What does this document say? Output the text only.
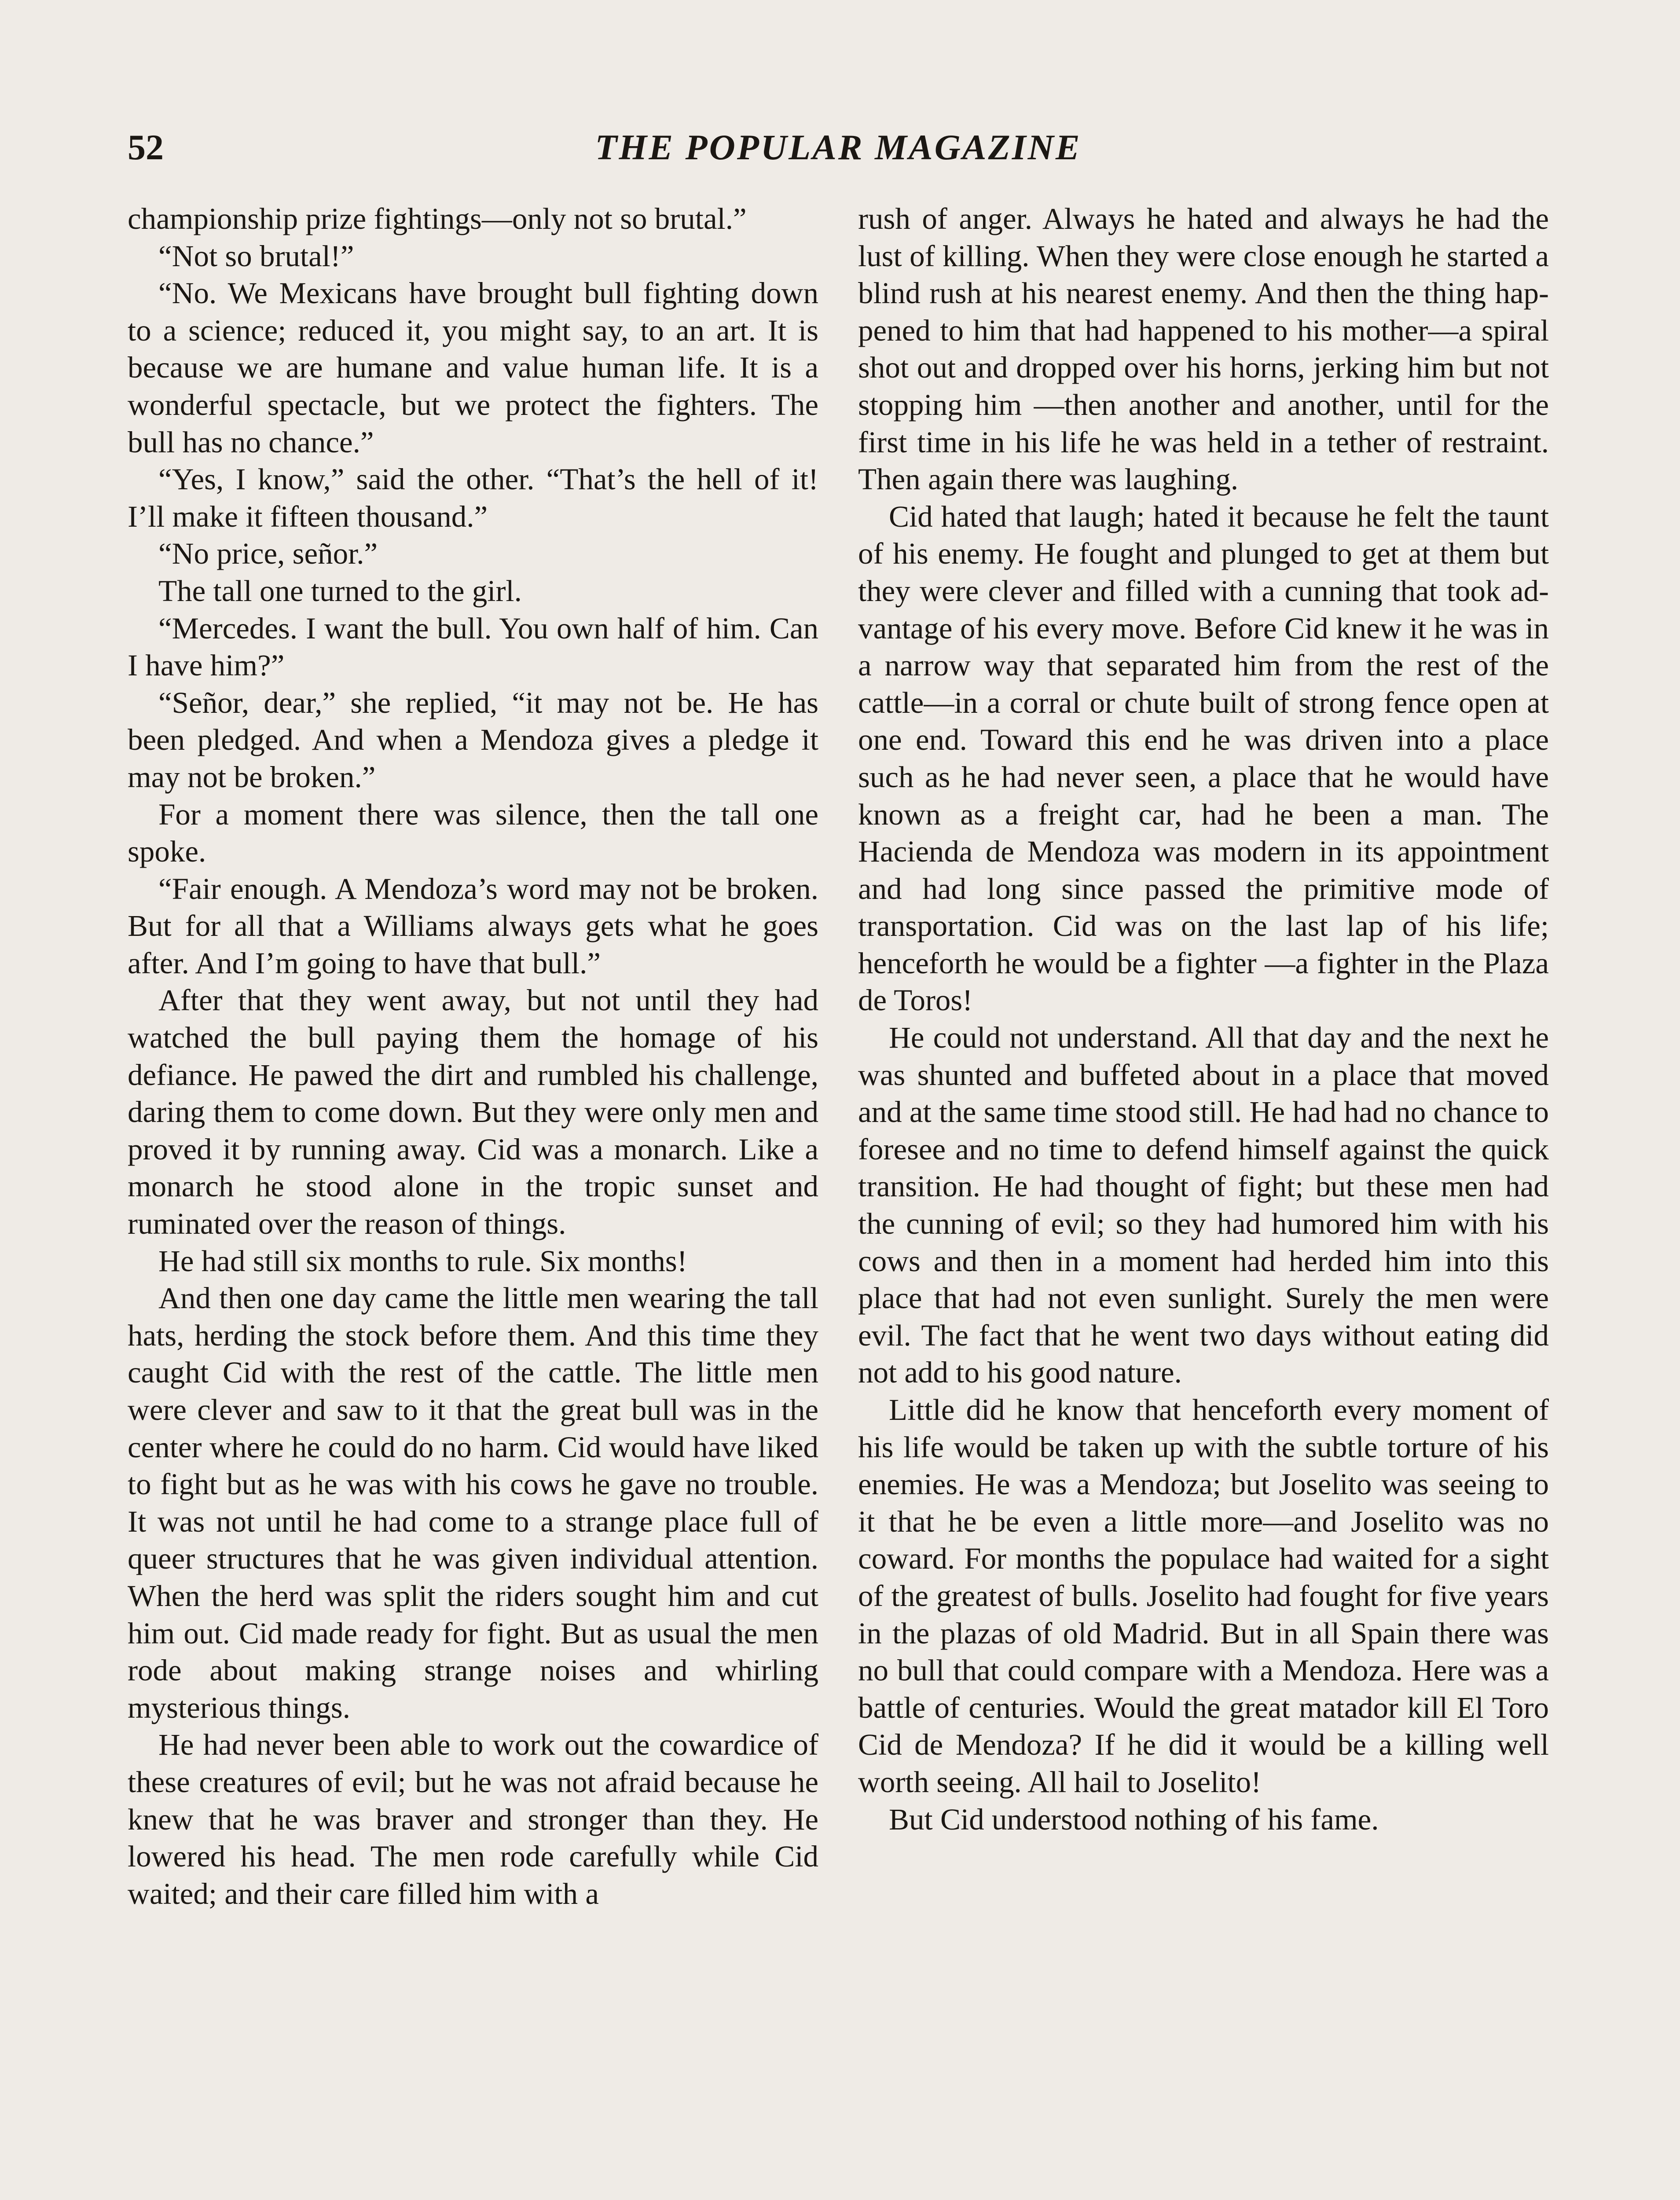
52	THE POPULAR MAGAZINE

championship prize fightings—only not so brutal.”

“Not so brutal!”

“No. We Mexicans have brought bull fighting down to a science; reduced it, you might say, to an art. It is because we are humane and value human life. It is a wonderful spectacle, but we protect the fighters. The bull has no chance.”

“Yes, I know,” said the other. “That’s the hell of it! I’ll make it fifteen thousand.”

“No price, señor.”

The tall one turned to the girl.

“Mercedes. I want the bull. You own half of him. Can I have him?”

“Señor, dear,” she replied, “it may not be. He has been pledged. And when a Mendoza gives a pledge it may not be broken.”

For a moment there was silence, then the tall one spoke.

“Fair enough. A Mendoza’s word may not be broken. But for all that a Williams always gets what he goes after. And I’m going to have that bull.”

After that they went away, but not until they had watched the bull paying them the homage of his defiance. He pawed the dirt and rumbled his challenge, daring them to come down. But they were only men and proved it by running away. Cid was a monarch. Like a monarch he stood alone in the tropic sunset and ruminated over the reason of things.

He had still six months to rule. Six months!

And then one day came the little men wearing the tall hats, herding the stock before them. And this time they caught Cid with the rest of the cattle. The little men were clever and saw to it that the great bull was in the center where he could do no harm. Cid would have liked to fight but as he was with his cows he gave no trouble. It was not until he had come to a strange place full of queer structures that he was given individual attention. When the herd was split the riders sought him and cut him out. Cid made ready for fight. But as usual the men rode about making strange noises and whirling mysterious things.

He had never been able to work out the cowardice of these creatures of evil; but he was not afraid because he knew that he was braver and stronger than they. He lowered his head. The men rode carefully while Cid waited; and their care filled him with a

rush of anger. Always he hated and always he had the lust of killing. When they were close enough he started a blind rush at his nearest enemy. And then the thing happened to him that had happened to his mother—a spiral shot out and dropped over his horns, jerking him but not stopping him —then another and another, until for the first time in his life he was held in a tether of restraint. Then again there was laughing.

Cid hated that laugh; hated it because he felt the taunt of his enemy. He fought and plunged to get at them but they were clever and filled with a cunning that took advantage of his every move. Before Cid knew it he was in a narrow way that separated him from the rest of the cattle—in a corral or chute built of strong fence open at one end. Toward this end he was driven into a place such as he had never seen, a place that he would have known as a freight car, had he been a man. The Hacienda de Mendoza was modern in its appointment and had long since passed the primitive mode of transportation. Cid was on the last lap of his life; henceforth he would be a fighter —a fighter in the Plaza de Toros!

He could not understand. All that day and the next he was shunted and buffeted about in a place that moved and at the same time stood still. He had had no chance to foresee and no time to defend himself against the quick transition. He had thought of fight; but these men had the cunning of evil; so they had humored him with his cows and then in a moment had herded him into this place that had not even sunlight. Surely the men were evil. The fact that he went two days without eating did not add to his good nature.

Little did he know that henceforth every moment of his life would be taken up with the subtle torture of his enemies. He was a Mendoza; but Joselito was seeing to it that he be even a little more—and Joselito was no coward. For months the populace had waited for a sight of the greatest of bulls. Joselito had fought for five years in the plazas of old Madrid. But in all Spain there was no bull that could compare with a Mendoza. Here was a battle of centuries. Would the great matador kill El Toro Cid de Mendoza? If he did it would be a killing well worth seeing. All hail to Joselito!

But Cid understood nothing of his fame.
